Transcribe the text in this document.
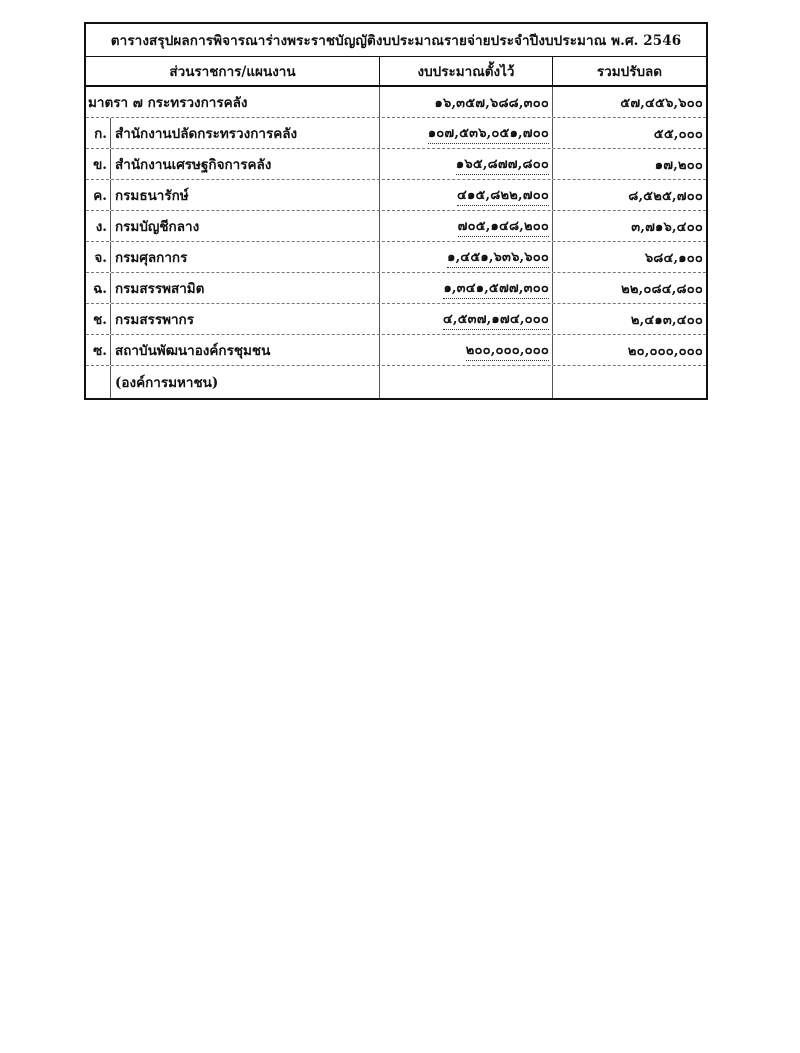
ตารางสรุปผลการพิจารณาร่างพระราชบัญญัติงบประมาณรายจ่ายประจำปีงบประมาณ พ.ศ. 2546
ส่วนราชการ/แผนงาน	งบประมาณตั้งไว้	รวมปรับลด
มาตรา ๗ กระทรวงการคลัง	๑๖,๓๕๗,๖๘๘,๓๐๐	๕๗,๔๕๖,๖๐๐
ก. สำนักงานปลัดกระทรวงการคลัง	๑๐๗,๕๓๖,๐๕๑,๗๐๐	๕๕,๐๐๐
ข. สำนักงานเศรษฐกิจการคลัง	๑๖๕,๘๗๗,๘๐๐	๑๗,๒๐๐
ค. กรมธนารักษ์	๔๑๕,๘๒๒,๗๐๐	๘,๕๒๕,๗๐๐
ง. กรมบัญชีกลาง	๗๐๕,๑๔๘,๒๐๐	๓,๗๑๖,๔๐๐
จ. กรมศุลกากร	๑,๔๕๑,๖๓๖,๖๐๐	๖๘๔,๑๐๐
ฉ. กรมสรรพสามิต	๑,๓๔๑,๕๗๗,๓๐๐	๒๒,๐๘๔,๘๐๐
ช. กรมสรรพากร	๔,๕๓๗,๑๗๔,๐๐๐	๒,๔๑๓,๔๐๐
ซ. สถาบันพัฒนาองค์กรชุมชน	๒๐๐,๐๐๐,๐๐๐	๒๐,๐๐๐,๐๐๐
(องค์การมหาชน)
